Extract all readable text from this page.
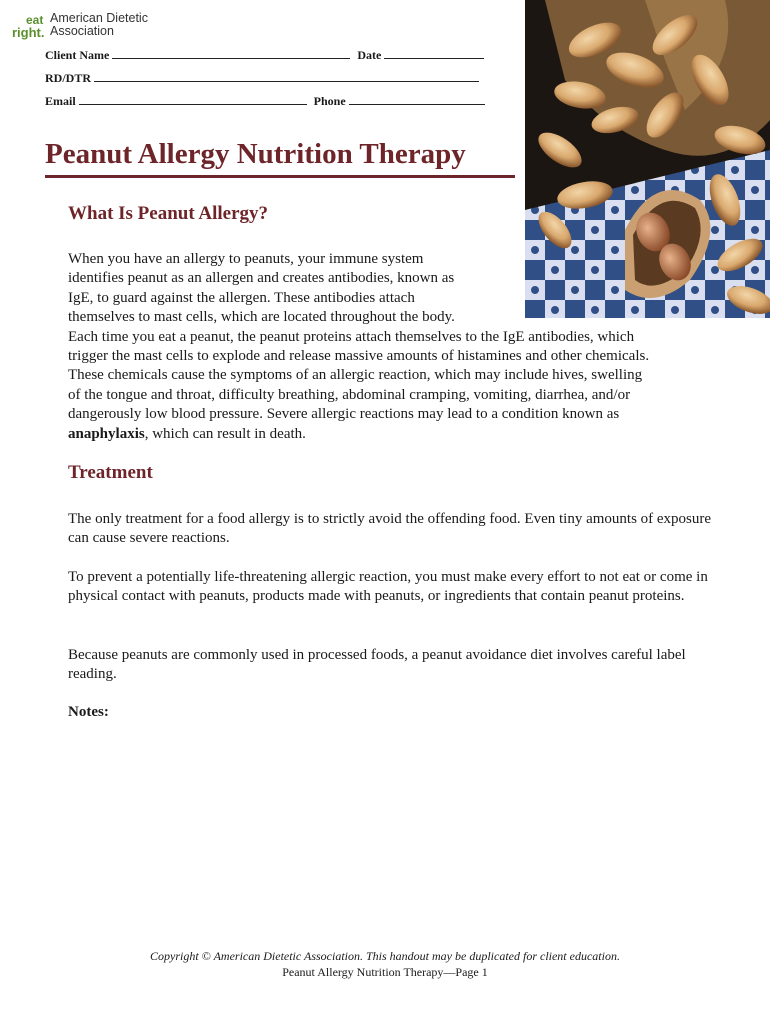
eat
right.
American Dietetic
Association
Client Name	Date
RD/DTR
Email	Phone
Peanut Allergy Nutrition Therapy
What Is Peanut Allergy?
When you have an allergy to peanuts, your immune system
identifies peanut as an allergen and creates antibodies, known as
IgE, to guard against the allergen. These antibodies attach
themselves to mast cells, which are located throughout the body.
Each time you eat a peanut, the peanut proteins attach themselves to the IgE antibodies, which
trigger the mast cells to explode and release massive amounts of histamines and other chemicals.
These chemicals cause the symptoms of an allergic reaction, which may include hives, swelling
of the tongue and throat, difficulty breathing, abdominal cramping, vomiting, diarrhea, and/or
dangerously low blood pressure. Severe allergic reactions may lead to a condition known as
anaphylaxis, which can result in death.
Treatment

The only treatment for a food allergy is to strictly avoid the offending food. Even tiny amounts of exposure can cause severe reactions.

To prevent a potentially life-threatening allergic reaction, you must make every effort to not eat or come in physical contact with peanuts, products made with peanuts, or ingredients that contain peanut proteins.

Because peanuts are commonly used in processed foods, a peanut avoidance diet involves careful label reading.

Notes:
Copyright © American Dietetic Association. This handout may be duplicated for client education.
Peanut Allergy Nutrition Therapy—Page 1
